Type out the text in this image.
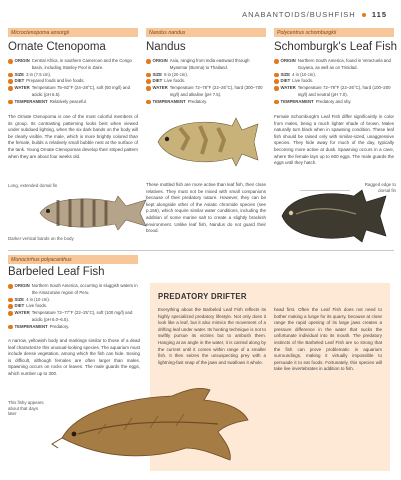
ANABANTOIDS/BUSHFISH 115
Microctenopoma ansorgii
Ornate Ctenopoma
ORIGIN Central Africa, in southern Cameroon and the Congo basin, including Stanley Pool in Zaire.
SIZE 3 in (7.5 cm).
DIET Prepared foods and live foods.
WATER Temperature 75–82°F (24–28°C), soft (50 mg/l) and acidic (pH 6.5).
TEMPERAMENT Relatively peaceful.
The Ornate Ctenopoma is one of the most colorful members of its group. Its contrasting patterning looks best when viewed under subdued lighting, when the six dark bands on the body will be clearly visible. The male, which is more brightly colored than the female, builds a relatively small bubble nest at the surface of the tank. Young Ornate Ctenopomas develop their striped pattern when they are about four weeks old.
Long, extended dorsal fin
Darker vertical bands on the body
Nandus nandus
Nandus
ORIGIN Asia, ranging from India eastward through Myanmar (Burma) to Thailand.
SIZE 8 in (20 cm).
DIET Live foods.
WATER Temperature 72–78°F (22–26°C), hard (300–700 mg/l) and alkaline (pH 7.5).
TEMPERAMENT Predatory.
These mottled fish are more active than leaf fish, their close relatives. They must not be mixed with small companions because of their predatory nature. However, they can be kept alongside other of the Asiatic chromide species (see p.166), which require similar water conditions, including the addition of some marine salt to create a slightly brackish environment. Unlike leaf fish, Nandus do not guard their brood.
Polycentrus schomburgkii
Schomburgk's Leaf Fish
ORIGIN Northern South America, found in Venezuela and Guyana, as well as on Trinidad.
SIZE 4 in (10 cm).
DIET Live foods.
WATER Temperature 72–79°F (22–26°C), hard (100–200 mg/l) and neutral (pH 7.0).
TEMPERAMENT Predatory and shy.
Female Schomburgk's Leaf Fish differ significantly in color from males, being a much lighter shade of brown. Males naturally turn black when in spawning condition. These leaf fish should be raised only with similar-sized, unaggressive species. They hide away for much of the day, typically becoming more active at dusk. Spawning occurs in a cave, where the female lays up to 600 eggs. The male guards the eggs until they hatch.
Ragged edge to dorsal fin
Monocirrhus polyacanthus
Barbeled Leaf Fish
ORIGIN Northern South America, occurring in sluggish waters in the Amazonian region of Peru.
SIZE 4 in (10 cm).
DIET Live foods.
WATER Temperature 72–77°F (22–25°C), soft (100 mg/l) and acidic (pH 6.0–6.5).
TEMPERAMENT Predatory.
A narrow, yellowish body and markings similar to those of a dead leaf characterize this unusual-looking species. The aquarium must include dense vegetation, among which the fish can hide. Sexing is difficult, although females are often larger than males. Spawning occurs on rocks or leaves. The male guards the eggs, which number up to 300.
This fishy appears about that days later
PREDATORY DRIFTER
Everything about the Barbeled Leaf Fish reflects its highly specialized predatory lifestyle. Not only does it look like a leaf, but it also mimics the movement of a drifting leaf under water. Its hunting technique is not to swiftly pursue its victims but to ambush them. Hanging at an angle in the water, it is carried along by the current until it comes within range of a smaller fish. It then seizes the unsuspecting prey with a lightning-fast snap of the jaws and swallows it whole.
head first. Often the Leaf Fish does not need to bother making a lunge for its quarry, because at close range the rapid opening of its large jaws creates a pressure difference in the water that sucks the unfortunate individual into its mouth. The predatory instincts of the Barbeled Leaf Fish are so strong that the fish can prove problematic in aquarium surroundings, making it virtually impossible to persuade it to eat foods. Fortunately, this species will take live invertebrates in addition to fish.
